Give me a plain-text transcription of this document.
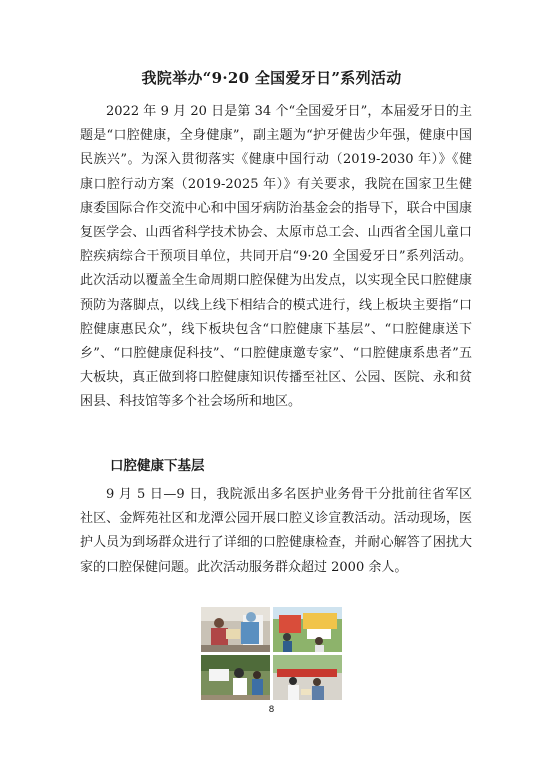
我院举办“9·20 全国爱牙日”系列活动

2022 年 9 月 20 日是第 34 个“全国爱牙日”，本届爱牙日的主题是“口腔健康，全身健康”，副主题为“护牙健齿少年强，健康中国民族兴”。为深入贯彻落实《健康中国行动（2019-2030 年）》《健康口腔行动方案（2019-2025 年）》有关要求，我院在国家卫生健康委国际合作交流中心和中国牙病防治基金会的指导下，联合中国康复医学会、山西省科学技术协会、太原市总工会、山西省全国儿童口腔疾病综合干预项目单位，共同开启“9·20 全国爱牙日”系列活动。此次活动以覆盖全生命周期口腔保健为出发点，以实现全民口腔健康预防为落脚点，以线上线下相结合的模式进行，线上板块主要指“口腔健康惠民众”，线下板块包含“口腔健康下基层”、“口腔健康送下乡”、“口腔健康促科技”、“口腔健康邀专家”、“口腔健康系患者”五大板块，真正做到将口腔健康知识传播至社区、公园、医院、永和贫困县、科技馆等多个社会场所和地区。

口腔健康下基层

9 月 5 日—9 日，我院派出多名医护业务骨干分批前往省军区社区、金辉苑社区和龙潭公园开展口腔义诊宣教活动。活动现场，医护人员为到场群众进行了详细的口腔健康检查，并耐心解答了困扰大家的口腔保健问题。此次活动服务群众超过 2000 余人。

8
